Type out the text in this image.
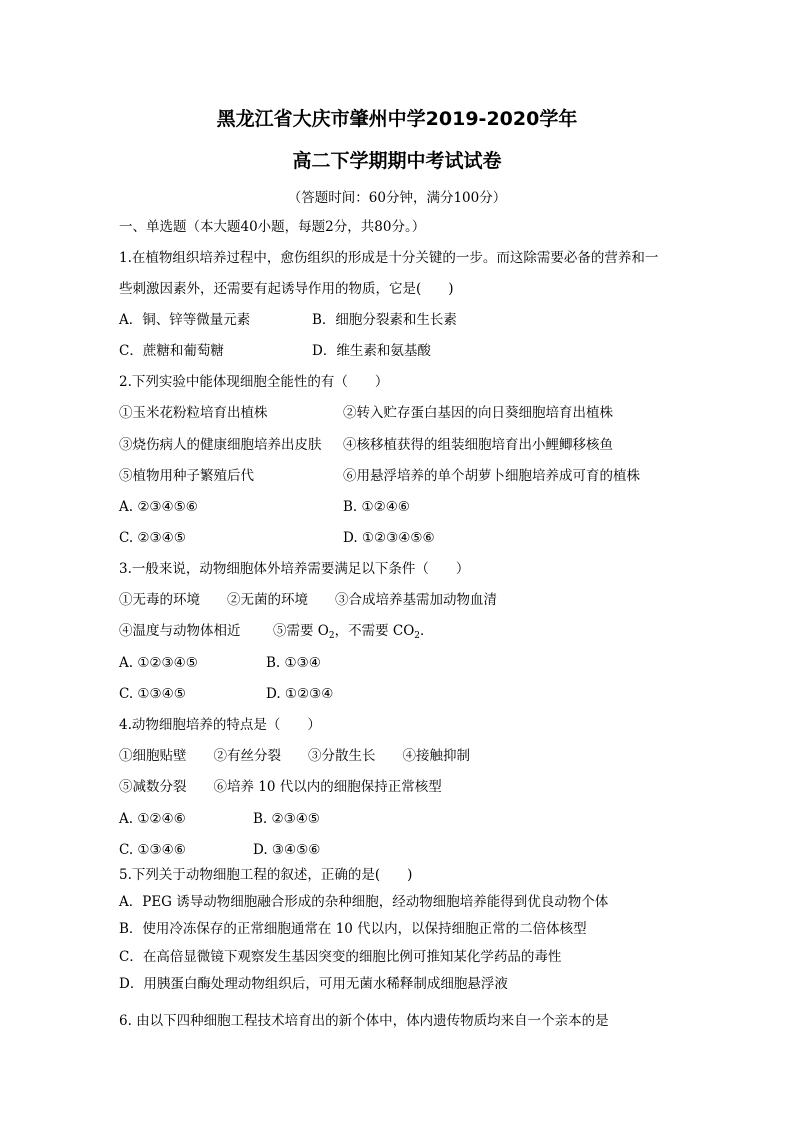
黑龙江省大庆市肇州中学2019-2020学年
高二下学期期中考试试卷
（答题时间：60分钟，满分100分）
一、单选题（本大题40小题，每题2分，共80分。）
1.在植物组织培养过程中，愈伤组织的形成是十分关键的一步。而这除需要必备的营养和一
些刺激因素外，还需要有起诱导作用的物质，它是(　　)
A．铜、锌等微量元素	B．细胞分裂素和生长素
C．蔗糖和葡萄糖	D．维生素和氨基酸
2.下列实验中能体现细胞全能性的有（　　）
①玉米花粉粒培育出植株	②转入贮存蛋白基因的向日葵细胞培育出植株
③烧伤病人的健康细胞培养出皮肤 ④核移植获得的组装细胞培育出小鲤鲫移核鱼
⑤植物用种子繁殖后代	⑥用悬浮培养的单个胡萝卜细胞培养成可育的植株
A. ②③④⑤⑥	B. ①②④⑥
C. ②③④⑤	D. ①②③④⑤⑥
3.一般来说，动物细胞体外培养需要满足以下条件（　　）
①无毒的环境　　②无菌的环境　　③合成培养基需加动物血清
④温度与动物体相近 ⑤需要 $O_2$，不需要 $CO_2$．
A. ①②③④⑤	B. ①③④
C. ①③④⑤	D. ①②③④
4.动物细胞培养的特点是（　　）
①细胞贴壁　　②有丝分裂　　③分散生长　　④接触抑制
⑤减数分裂　　⑥培养 10 代以内的细胞保持正常核型
A. ①②④⑥	B. ②③④⑤
C. ①③④⑥	D. ③④⑤⑥
5.下列关于动物细胞工程的叙述，正确的是(　　)
A．PEG 诱导动物细胞融合形成的杂种细胞，经动物细胞培养能得到优良动物个体
B．使用冷冻保存的正常细胞通常在 10 代以内，以保持细胞正常的二倍体核型
C．在高倍显微镜下观察发生基因突变的细胞比例可推知某化学药品的毒性
D．用胰蛋白酶处理动物组织后，可用无菌水稀释制成细胞悬浮液
6. 由以下四种细胞工程技术培育出的新个体中，体内遗传物质均来自一个亲本的是
